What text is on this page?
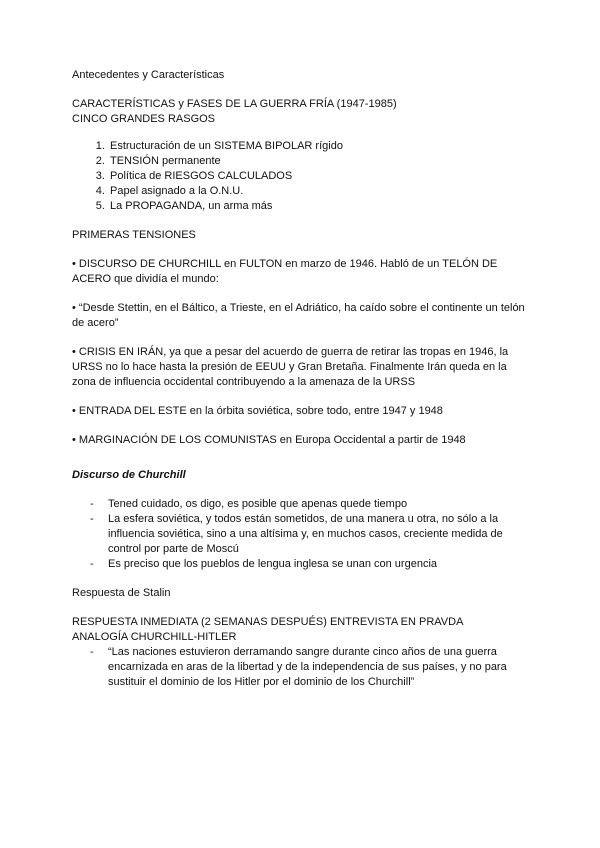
Antecedentes y Características

CARACTERÍSTICAS y FASES DE LA GUERRA FRÍA (1947-1985)

CINCO GRANDES RASGOS

1. Estructuración de un SISTEMA BIPOLAR rígido
2. TENSIÓN permanente
3. Política de RIESGOS CALCULADOS
4. Papel asignado a la O.N.U.
5. La PROPAGANDA, un arma más

PRIMERAS TENSIONES

• DISCURSO DE CHURCHILL en FULTON en marzo de 1946. Habló de un TELÓN DE ACERO que dividía el mundo:

• “Desde Stettin, en el Báltico, a Trieste, en el Adriático, ha caído sobre el continente un telón de acero”

• CRISIS EN IRÁN, ya que a pesar del acuerdo de guerra de retirar las tropas en 1946, la URSS no lo hace hasta la presión de EEUU y Gran Bretaña. Finalmente Irán queda en la zona de influencia occidental contribuyendo a la amenaza de la URSS

• ENTRADA DEL ESTE en la órbita soviética, sobre todo, entre 1947 y 1948

• MARGINACIÓN DE LOS COMUNISTAS en Europa Occidental a partir de 1948

Discurso de Churchill

- Tened cuidado, os digo, es posible que apenas quede tiempo
- La esfera soviética, y todos están sometidos, de una manera u otra, no sólo a la influencia soviética, sino a una altísima y, en muchos casos, creciente medida de control por parte de Moscú
- Es preciso que los pueblos de lengua inglesa se unan con urgencia

Respuesta de Stalin

RESPUESTA INMEDIATA (2 SEMANAS DESPUÉS) ENTREVISTA EN PRAVDA

ANALOGÍA CHURCHILL-HITLER

- “Las naciones estuvieron derramando sangre durante cinco años de una guerra encarnizada en aras de la libertad y de la independencia de sus países, y no para sustituir el dominio de los Hitler por el dominio de los Churchill”
